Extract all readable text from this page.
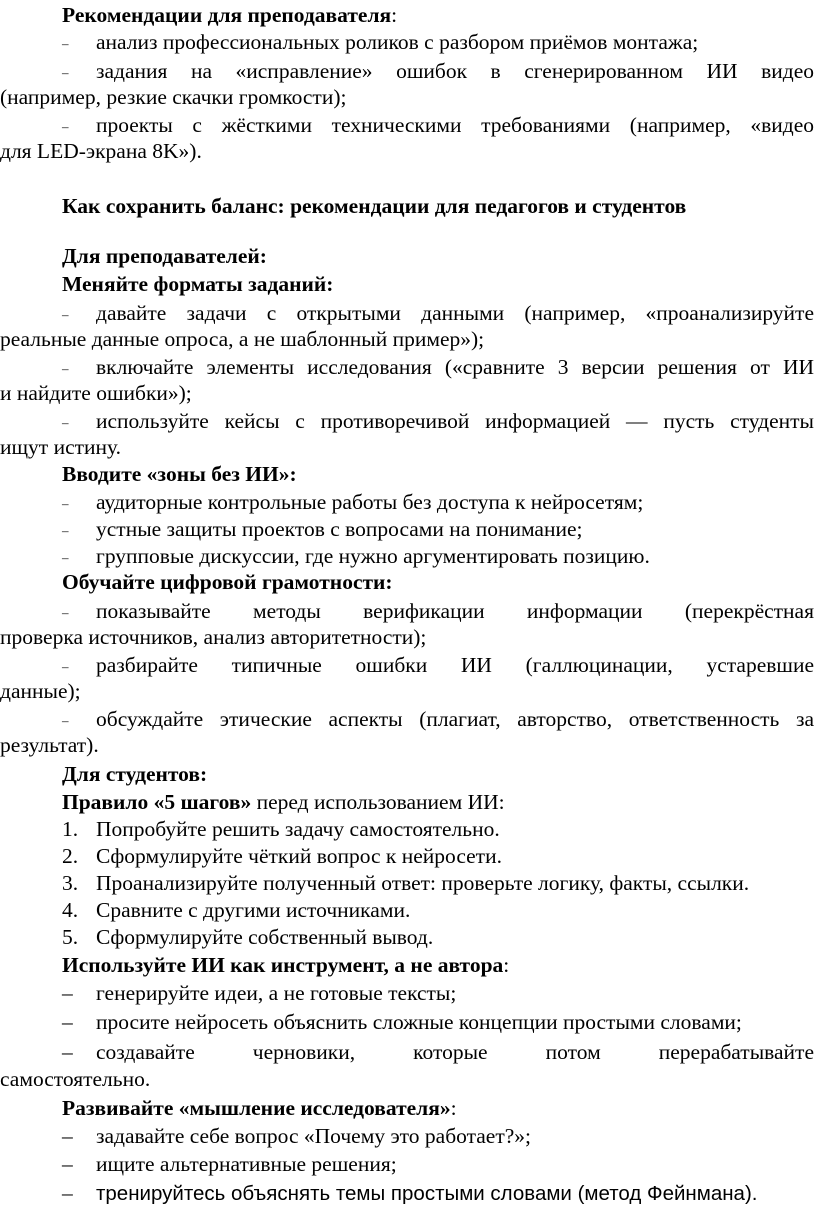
Рекомендации для преподавателя:
– анализ профессиональных роликов с разбором приёмов монтажа;
–	задания на «исправление» ошибок в сгенерированном ИИ видео
(например, резкие скачки громкости);
–	проекты с жёсткими техническими требованиями (например, «видео
для LED-экрана 8K»).
Как сохранить баланс: рекомендации для педагогов и студентов
Для преподавателей:
Меняйте форматы заданий:
–	давайте задачи с открытыми данными (например, «проанализируйте
реальные данные опроса, а не шаблонный пример»);
–	включайте элементы исследования («сравните 3 версии решения от ИИ
и найдите ошибки»);
–	используйте кейсы с противоречивой информацией — пусть студенты
ищут истину.
Вводите «зоны без ИИ»:
– аудиторные контрольные работы без доступа к нейросетям;
– устные защиты проектов с вопросами на понимание;
– групповые дискуссии, где нужно аргументировать позицию.
Обучайте цифровой грамотности:
–	показывайте методы верификации информации (перекрёстная
проверка источников, анализ авторитетности);
–	разбирайте типичные ошибки ИИ (галлюцинации, устаревшие
данные);
–	обсуждайте этические аспекты (плагиат, авторство, ответственность за
результат).
Для студентов:
Правило «5 шагов» перед использованием ИИ:
1. Попробуйте решить задачу самостоятельно.
2. Сформулируйте чёткий вопрос к нейросети.
3. Проанализируйте полученный ответ: проверьте логику, факты, ссылки.
4. Сравните с другими источниками.
5. Сформулируйте собственный вывод.
Используйте ИИ как инструмент, а не автора:
– генерируйте идеи, а не готовые тексты;
– просите нейросеть объяснить сложные концепции простыми словами;
–	создавайте черновики, которые потом перерабатывайте
самостоятельно.
Развивайте «мышление исследователя»:
– задавайте себе вопрос «Почему это работает?»;
– ищите альтернативные решения;
– тренируйтесь объяснять темы простыми словами (метод Фейнмана).
